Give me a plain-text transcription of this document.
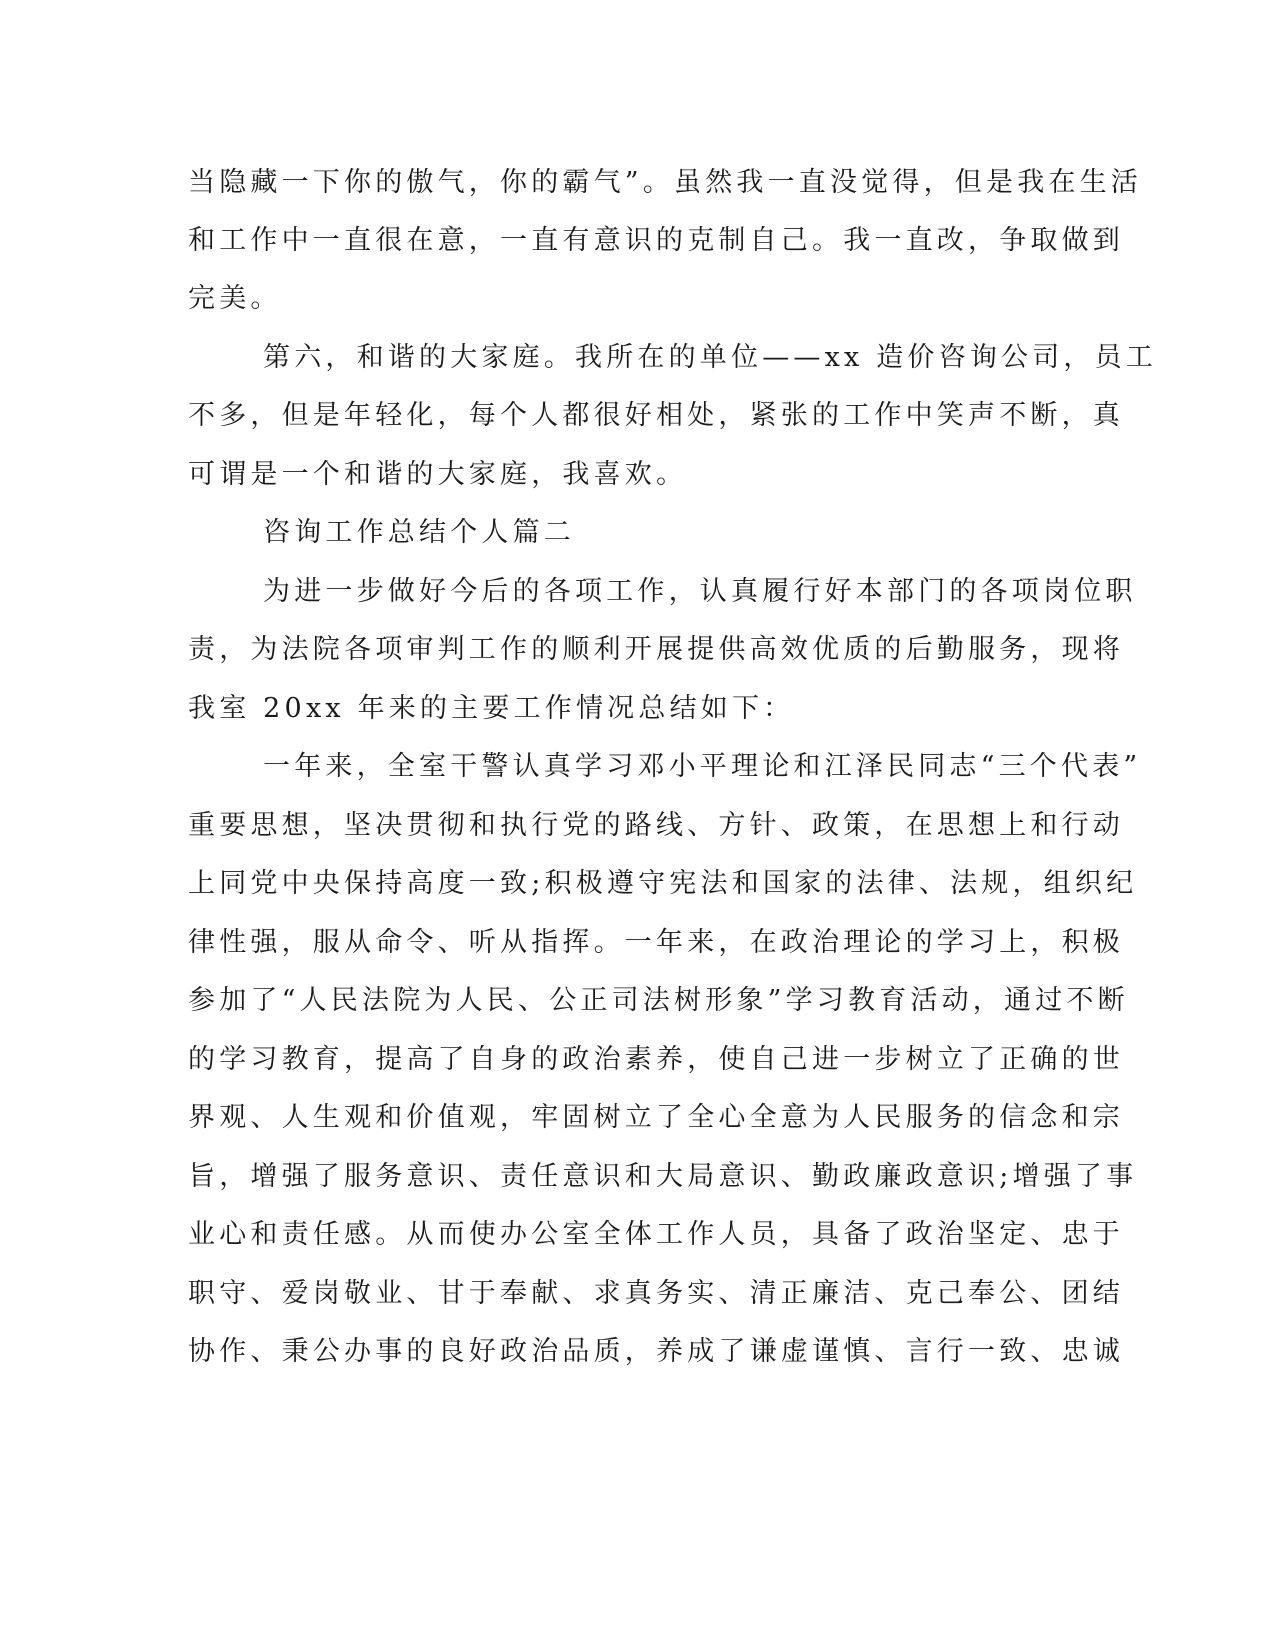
当隐藏一下你的傲气，你的霸气”。虽然我一直没觉得，但是我在生活
和工作中一直很在意，一直有意识的克制自己。我一直改，争取做到
完美。
第六，和谐的大家庭。我所在的单位——xx 造价咨询公司，员工
不多，但是年轻化，每个人都很好相处，紧张的工作中笑声不断，真
可谓是一个和谐的大家庭，我喜欢。
咨询工作总结个人篇二
为进一步做好今后的各项工作，认真履行好本部门的各项岗位职
责，为法院各项审判工作的顺利开展提供高效优质的后勤服务，现将
我室 20xx 年来的主要工作情况总结如下：
一年来，全室干警认真学习邓小平理论和江泽民同志“三个代表”
重要思想，坚决贯彻和执行党的路线、方针、政策，在思想上和行动
上同党中央保持高度一致;积极遵守宪法和国家的法律、法规，组织纪
律性强，服从命令、听从指挥。一年来，在政治理论的学习上，积极
参加了“人民法院为人民、公正司法树形象”学习教育活动，通过不断
的学习教育，提高了自身的政治素养，使自己进一步树立了正确的世
界观、人生观和价值观，牢固树立了全心全意为人民服务的信念和宗
旨，增强了服务意识、责任意识和大局意识、勤政廉政意识;增强了事
业心和责任感。从而使办公室全体工作人员，具备了政治坚定、忠于
职守、爱岗敬业、甘于奉献、求真务实、清正廉洁、克己奉公、团结
协作、秉公办事的良好政治品质，养成了谦虚谨慎、言行一致、忠诚
